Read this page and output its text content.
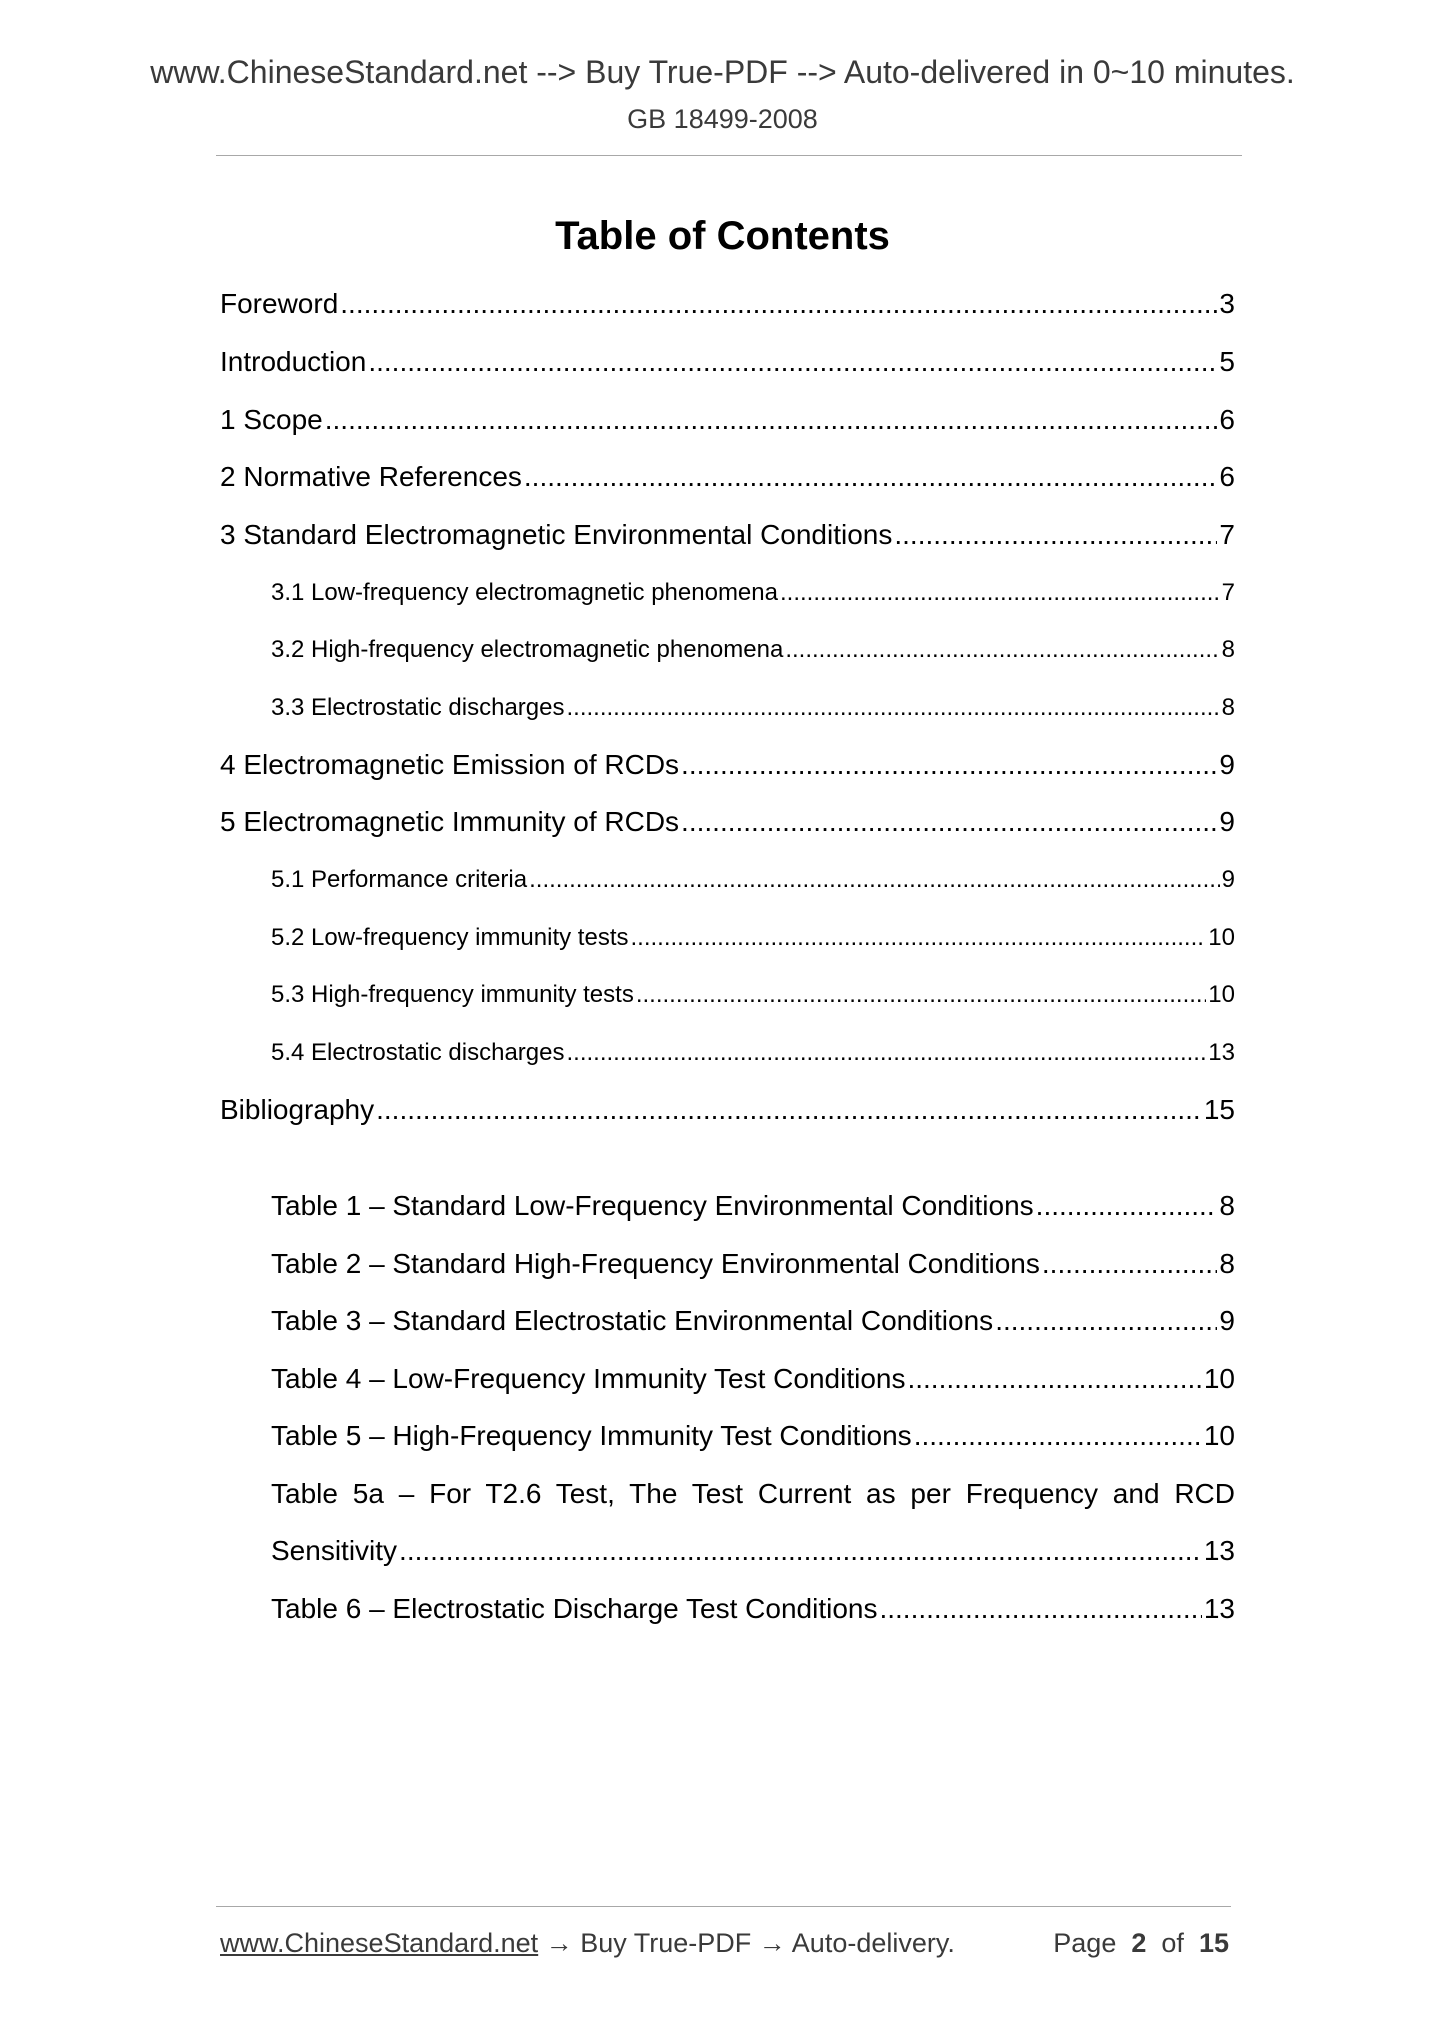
www.ChineseStandard.net --> Buy True-PDF --> Auto-delivered in 0~10 minutes.
GB 18499-2008
Table of Contents
Foreword .....	3
Introduction .....	5
1 Scope .....	6
2 Normative References .....	6
3 Standard Electromagnetic Environmental Conditions .....	7
3.1 Low-frequency electromagnetic phenomena .....	7
3.2 High-frequency electromagnetic phenomena .....	8
3.3 Electrostatic discharges .....	8
4 Electromagnetic Emission of RCDs .....	9
5 Electromagnetic Immunity of RCDs .....	9
5.1 Performance criteria .....	9
5.2 Low-frequency immunity tests .....	10
5.3 High-frequency immunity tests .....	10
5.4 Electrostatic discharges .....	13
Bibliography .....	15
Table 1 – Standard Low-Frequency Environmental Conditions .....	8
Table 2 – Standard High-Frequency Environmental Conditions .....	8
Table 3 – Standard Electrostatic Environmental Conditions .....	9
Table 4 – Low-Frequency Immunity Test Conditions .....	10
Table 5 – High-Frequency Immunity Test Conditions .....	10
Table 5a – For T2.6 Test, The Test Current as per Frequency and RCD
Sensitivity .....	13
Table 6 – Electrostatic Discharge Test Conditions .....	13
www.ChineseStandard.net → Buy True-PDF → Auto-delivery.	Page 2 of 15
